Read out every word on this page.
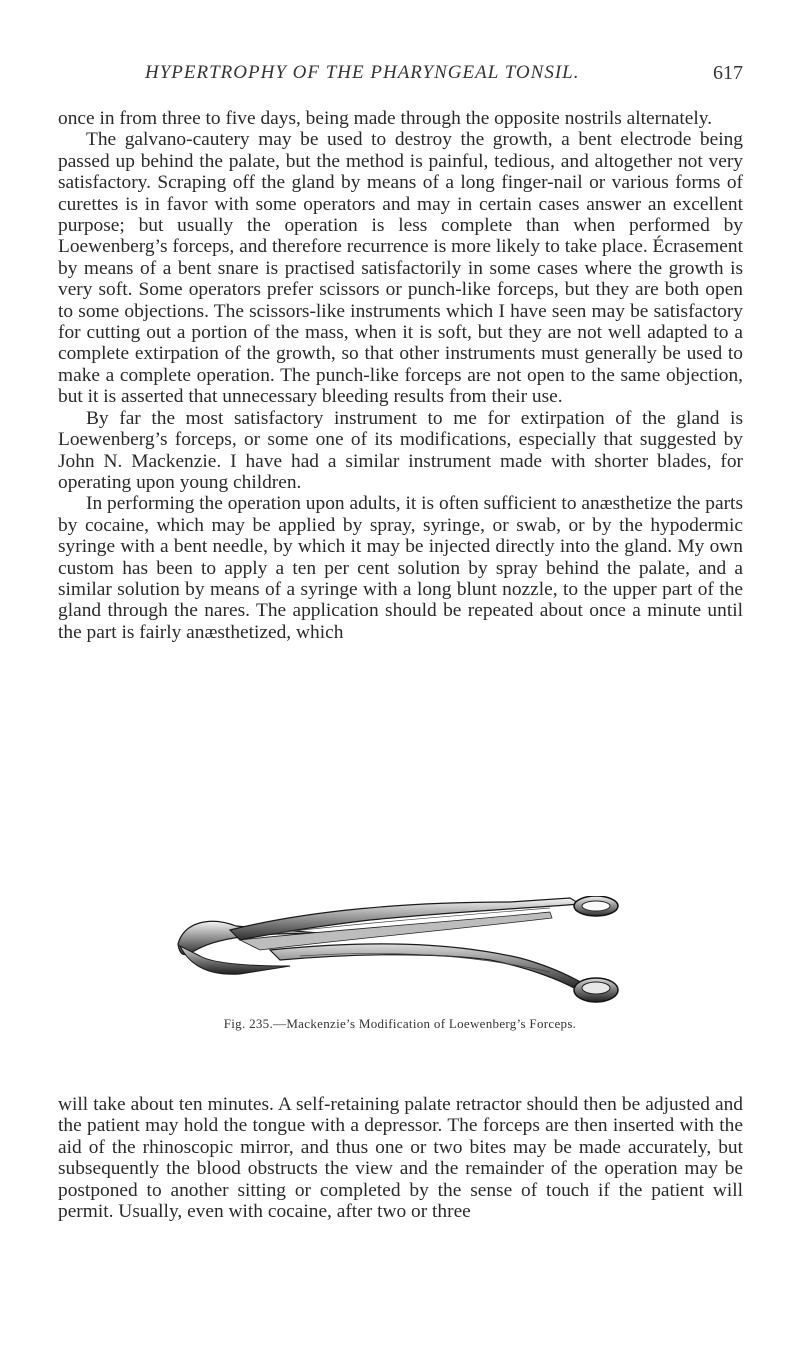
HYPERTROPHY OF THE PHARYNGEAL TONSIL.	617

once in from three to five days, being made through the opposite nostrils alternately.

The galvano-cautery may be used to destroy the growth, a bent electrode being passed up behind the palate, but the method is painful, tedious, and altogether not very satisfactory. Scraping off the gland by means of a long finger-nail or various forms of curettes is in favor with some operators and may in certain cases answer an excellent purpose; but usually the operation is less complete than when performed by Loewenberg’s forceps, and therefore recurrence is more likely to take place. Écrasement by means of a bent snare is practised satisfactorily in some cases where the growth is very soft. Some operators prefer scissors or punch-like forceps, but they are both open to some objections. The scissors-like instruments which I have seen may be satisfactory for cutting out a portion of the mass, when it is soft, but they are not well adapted to a complete extirpation of the growth, so that other instruments must generally be used to make a complete operation. The punch-like forceps are not open to the same objection, but it is asserted that unnecessary bleeding results from their use.

By far the most satisfactory instrument to me for extirpation of the gland is Loewenberg’s forceps, or some one of its modifications, especially that suggested by John N. Mackenzie. I have had a similar instrument made with shorter blades, for operating upon young children.

In performing the operation upon adults, it is often sufficient to anæsthetize the parts by cocaine, which may be applied by spray, syringe, or swab, or by the hypodermic syringe with a bent needle, by which it may be injected directly into the gland. My own custom has been to apply a ten per cent solution by spray behind the palate, and a similar solution by means of a syringe with a long blunt nozzle, to the upper part of the gland through the nares. The application should be repeated about once a minute until the part is fairly anæsthetized, which

Fig. 235.—Mackenzie’s Modification of Loewenberg’s Forceps.

will take about ten minutes. A self-retaining palate retractor should then be adjusted and the patient may hold the tongue with a depressor. The forceps are then inserted with the aid of the rhinoscopic mirror, and thus one or two bites may be made accurately, but subsequently the blood obstructs the view and the remainder of the operation may be postponed to another sitting or completed by the sense of touch if the patient will permit. Usually, even with cocaine, after two or three
